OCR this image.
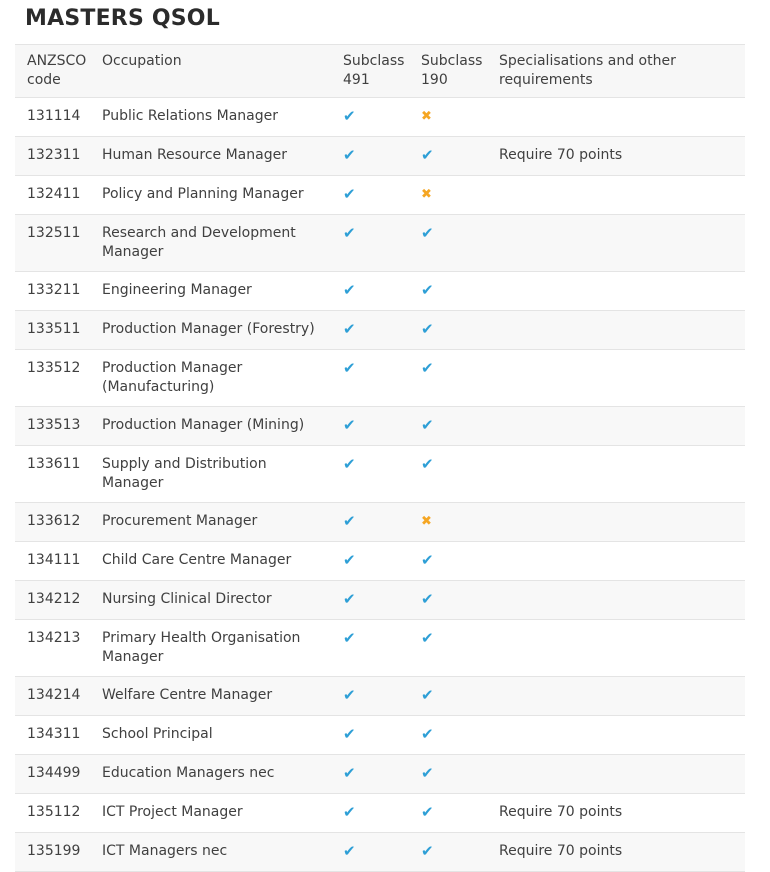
MASTERS QSOL
ANZSCO code	Occupation	Subclass 491	Subclass 190	Specialisations and other requirements
131114	Public Relations Manager	✔	✖	
132311	Human Resource Manager	✔	✔	Require 70 points
132411	Policy and Planning Manager	✔	✖	
132511	Research and Development Manager	✔	✔	
133211	Engineering Manager	✔	✔	
133511	Production Manager (Forestry)	✔	✔	
133512	Production Manager (Manufacturing)	✔	✔	
133513	Production Manager (Mining)	✔	✔	
133611	Supply and Distribution Manager	✔	✔	
133612	Procurement Manager	✔	✖	
134111	Child Care Centre Manager	✔	✔	
134212	Nursing Clinical Director	✔	✔	
134213	Primary Health Organisation Manager	✔	✔	
134214	Welfare Centre Manager	✔	✔	
134311	School Principal	✔	✔	
134499	Education Managers nec	✔	✔	
135112	ICT Project Manager	✔	✔	Require 70 points
135199	ICT Managers nec	✔	✔	Require 70 points
